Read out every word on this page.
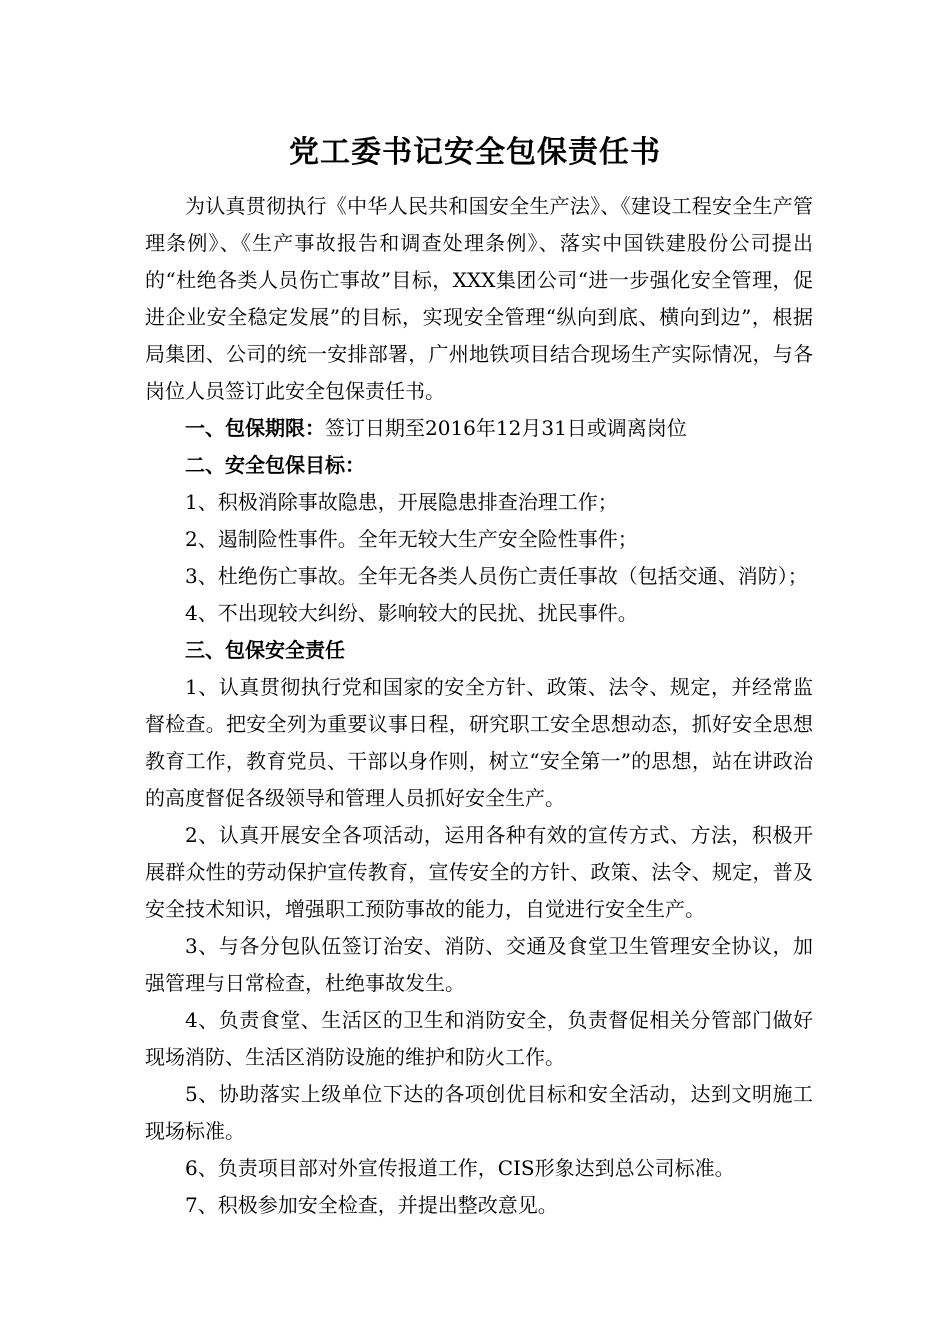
党工委书记安全包保责任书

为认真贯彻执行《中华人民共和国安全生产法》、《建设工程安全生产管理条例》、《生产事故报告和调查处理条例》、落实中国铁建股份公司提出的“杜绝各类人员伤亡事故”目标，XXX集团公司“进一步强化安全管理，促进企业安全稳定发展”的目标，实现安全管理“纵向到底、横向到边”，根据局集团、公司的统一安排部署，广州地铁项目结合现场生产实际情况，与各岗位人员签订此安全包保责任书。

一、包保期限：签订日期至2016年12月31日或调离岗位

二、安全包保目标：

1、积极消除事故隐患，开展隐患排查治理工作；

2、遏制险性事件。全年无较大生产安全险性事件；

3、杜绝伤亡事故。全年无各类人员伤亡责任事故（包括交通、消防）；

4、不出现较大纠纷、影响较大的民扰、扰民事件。

三、包保安全责任

1、认真贯彻执行党和国家的安全方针、政策、法令、规定，并经常监督检查。把安全列为重要议事日程，研究职工安全思想动态，抓好安全思想教育工作，教育党员、干部以身作则，树立“安全第一”的思想，站在讲政治的高度督促各级领导和管理人员抓好安全生产。

2、认真开展安全各项活动，运用各种有效的宣传方式、方法，积极开展群众性的劳动保护宣传教育，宣传安全的方针、政策、法令、规定，普及安全技术知识，增强职工预防事故的能力，自觉进行安全生产。

3、与各分包队伍签订治安、消防、交通及食堂卫生管理安全协议，加强管理与日常检查，杜绝事故发生。

4、负责食堂、生活区的卫生和消防安全，负责督促相关分管部门做好现场消防、生活区消防设施的维护和防火工作。

5、协助落实上级单位下达的各项创优目标和安全活动，达到文明施工现场标准。

6、负责项目部对外宣传报道工作，CIS形象达到总公司标准。

7、积极参加安全检查，并提出整改意见。
